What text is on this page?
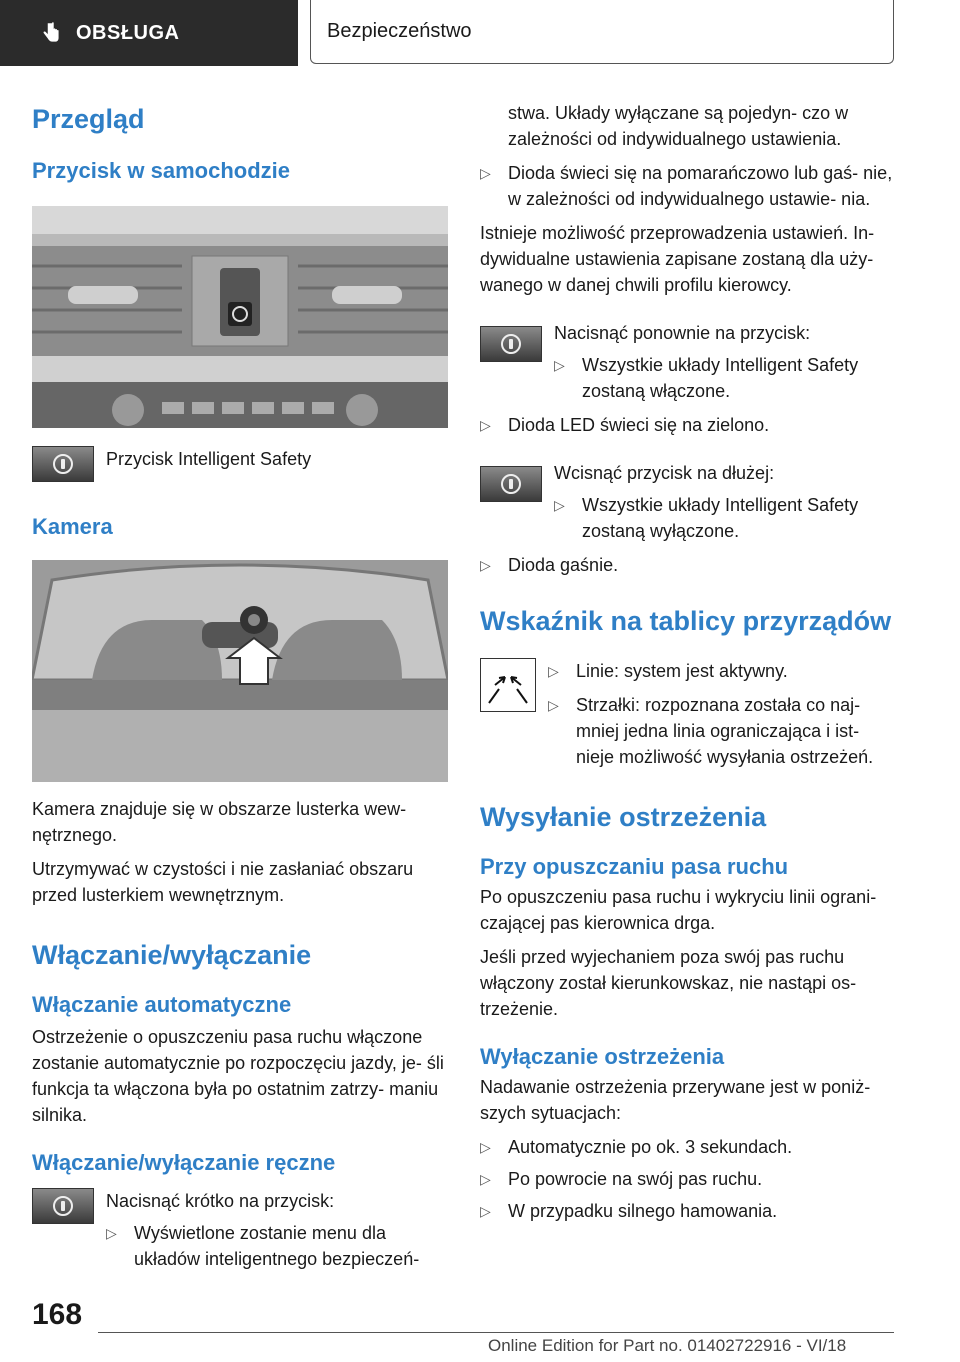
OBSŁUGA	Bezpieczeństwo
Przegląd
Przycisk w samochodzie

Przycisk Intelligent Safety

Kamera

Kamera znajduje się w obszarze lusterka wew‐ nętrznego.

Utrzymywać w czystości i nie zasłaniać obszaru przed lusterkiem wewnętrznym.

Włączanie/wyłączanie
Włączanie automatyczne

Ostrzeżenie o opuszczeniu pasa ruchu włączone zostanie automatycznie po rozpoczęciu jazdy, je‐ śli funkcja ta włączona była po ostatnim zatrzy‐ maniu silnika.

Włączanie/wyłączanie ręczne

Nacisnąć krótko na przycisk:

▷ Wyświetlone zostanie menu dla układów inteligentnego bezpieczeń‐

stwa. Układy wyłączane są pojedyn‐ czo w zależności od indywidualnego ustawienia.

▷ Dioda świeci się na pomarańczowo lub gaś‐ nie, w zależności od indywidualnego ustawie‐ nia.

Istnieje możliwość przeprowadzenia ustawień. In‐ dywidualne ustawienia zapisane zostaną dla uży‐ wanego w danej chwili profilu kierowcy.

Nacisnąć ponownie na przycisk:

▷ Wszystkie układy Intelligent Safety zostaną włączone.

▷ Dioda LED świeci się na zielono.

Wcisnąć przycisk na dłużej:

▷ Wszystkie układy Intelligent Safety zostaną wyłączone.

▷ Dioda gaśnie.

Wskaźnik na tablicy przyrządów
▷ Linie: system jest aktywny.

▷ Strzałki: rozpoznana została co naj‐ mniej jedna linia ograniczająca i ist‐ nieje możliwość wysyłania ostrzeżeń.

Wysyłanie ostrzeżenia
Przy opuszczaniu pasa ruchu

Po opuszczeniu pasa ruchu i wykryciu linii ograni‐ czającej pas kierownica drga.

Jeśli przed wyjechaniem poza swój pas ruchu włączony został kierunkowskaz, nie nastąpi os‐ trzeżenie.

Wyłączanie ostrzeżenia

Nadawanie ostrzeżenia przerywane jest w poniż‐ szych sytuacjach:

▷ Automatycznie po ok. 3 sekundach.

▷ Po powrocie na swój pas ruchu.

▷ W przypadku silnego hamowania.

168
Online Edition for Part no. 01402722916 - VI/18
